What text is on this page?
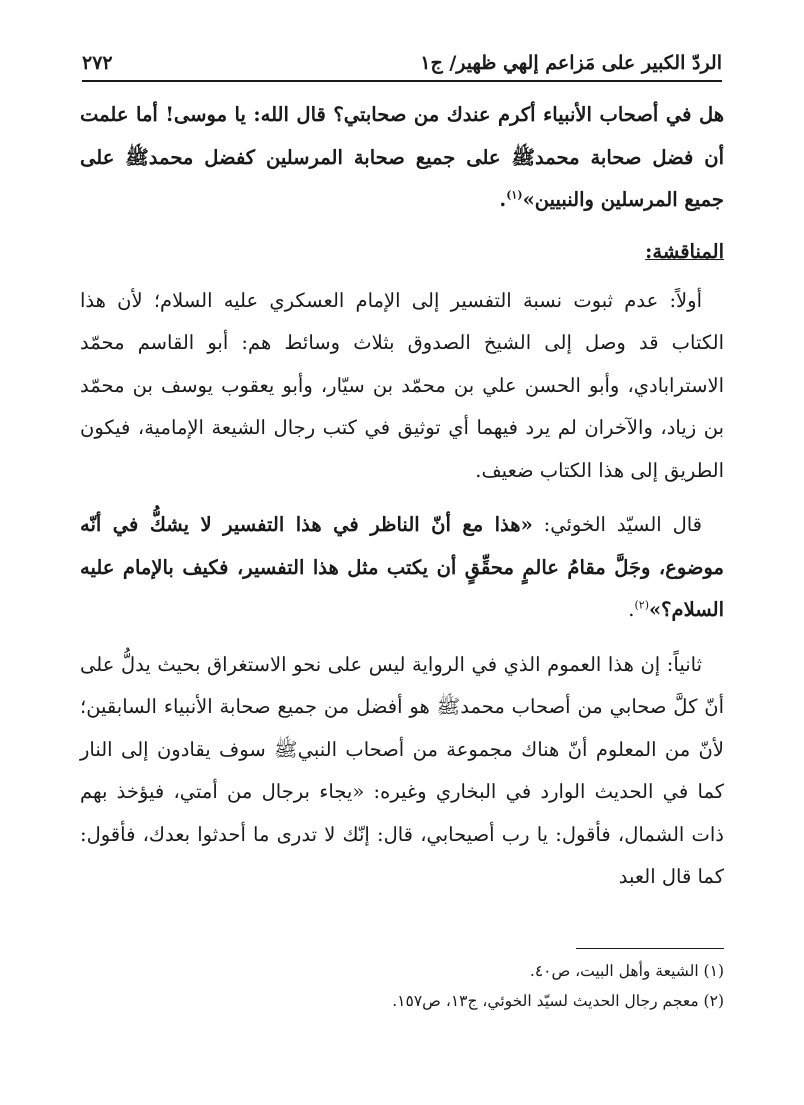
الردّ الكبير على مَزاعم إلهي ظهير/ ج١
٢٧٢

هل في أصحاب الأنبياء أكرم عندك من صحابتي؟ قال الله: يا موسى! أما علمت أن فضل صحابة محمدﷺ على جميع صحابة المرسلين كفضل محمدﷺ على جميع المرسلين والنبيين»$^{(١)}$.

المناقشة:

أولاً: عدم ثبوت نسبة التفسير إلى الإمام العسكري عليه السلام؛ لأن هذا الكتاب قد وصل إلى الشيخ الصدوق بثلاث وسائط هم: أبو القاسم محمّد الاسترابادي، وأبو الحسن علي بن محمّد بن سيّار، وأبو يعقوب يوسف بن محمّد بن زياد، والآخران لم يرد فيهما أي توثيق في كتب رجال الشيعة الإمامية، فيكون الطريق إلى هذا الكتاب ضعيف.

قال السيّد الخوئي: «هذا مع أنّ الناظر في هذا التفسير لا يشكُّ في أنّه موضوع، وجَلَّ مقامُ عالمٍ محقِّقٍ أن يكتب مثل هذا التفسير، فكيف بالإمام عليه السلام؟»$^{(٢)}$.

ثانياً: إن هذا العموم الذي في الرواية ليس على نحو الاستغراق بحيث يدلُّ على أنّ كلَّ صحابي من أصحاب محمدﷺ هو أفضل من جميع صحابة الأنبياء السابقين؛ لأنّ من المعلوم أنّ هناك مجموعة من أصحاب النبيﷺ سوف يقادون إلى النار كما في الحديث الوارد في البخاري وغيره: «يجاء برجال من أمتي، فيؤخذ بهم ذات الشمال، فأقول: يا رب أصيحابي، قال: إنّك لا تدرى ما أحدثوا بعدك، فأقول: كما قال العبد

(١) الشيعة وأهل البيت، ص٤٠.

(٢) معجم رجال الحديث لسيّد الخوئي، ج١٣، ص١٥٧.
